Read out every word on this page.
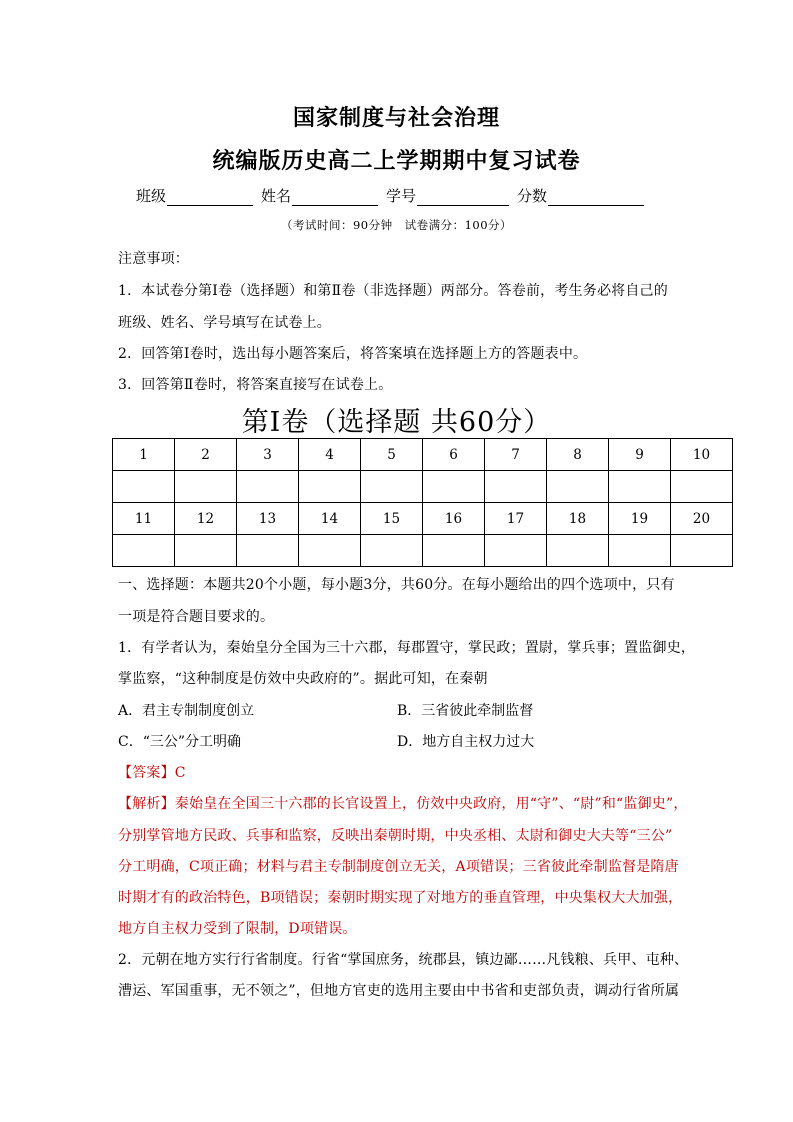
国家制度与社会治理
统编版历史高二上学期期中复习试卷
班级	姓名	学号	分数
（考试时间：90分钟　试卷满分：100分）
注意事项：
1．本试卷分第Ⅰ卷（选择题）和第Ⅱ卷（非选择题）两部分。答卷前，考生务必将自己的
班级、姓名、学号填写在试卷上。
2．回答第Ⅰ卷时，选出每小题答案后，将答案填在选择题上方的答题表中。
3．回答第Ⅱ卷时，将答案直接写在试卷上。
第Ⅰ卷（选择题 共60分）
1	2	3	4	5	6	7	8	9	10

11	12	13	14	15	16	17	18	19	20

一、选择题：本题共20个小题，每小题3分，共60分。在每小题给出的四个选项中，只有
一项是符合题目要求的。
1．有学者认为，秦始皇分全国为三十六郡，每郡置守，掌民政；置尉，掌兵事；置监御史，
掌监察，“这种制度是仿效中央政府的”。据此可知，在秦朝
A．君主专制制度创立	B．三省彼此牵制监督
C．“三公”分工明确	D．地方自主权力过大
【答案】C
【解析】秦始皇在全国三十六郡的长官设置上，仿效中央政府，用“守”、“尉”和“监御史”，
分别掌管地方民政、兵事和监察，反映出秦朝时期，中央丞相、太尉和御史大夫等“三公”
分工明确，C项正确；材料与君主专制制度创立无关，A项错误；三省彼此牵制监督是隋唐
时期才有的政治特色，B项错误；秦朝时期实现了对地方的垂直管理，中央集权大大加强，
地方自主权力受到了限制，D项错误。
2．元朝在地方实行行省制度。行省“掌国庶务，统郡县，镇边鄙……凡钱粮、兵甲、屯种、
漕运、军国重事，无不领之”，但地方官吏的选用主要由中书省和吏部负责，调动行省所属
